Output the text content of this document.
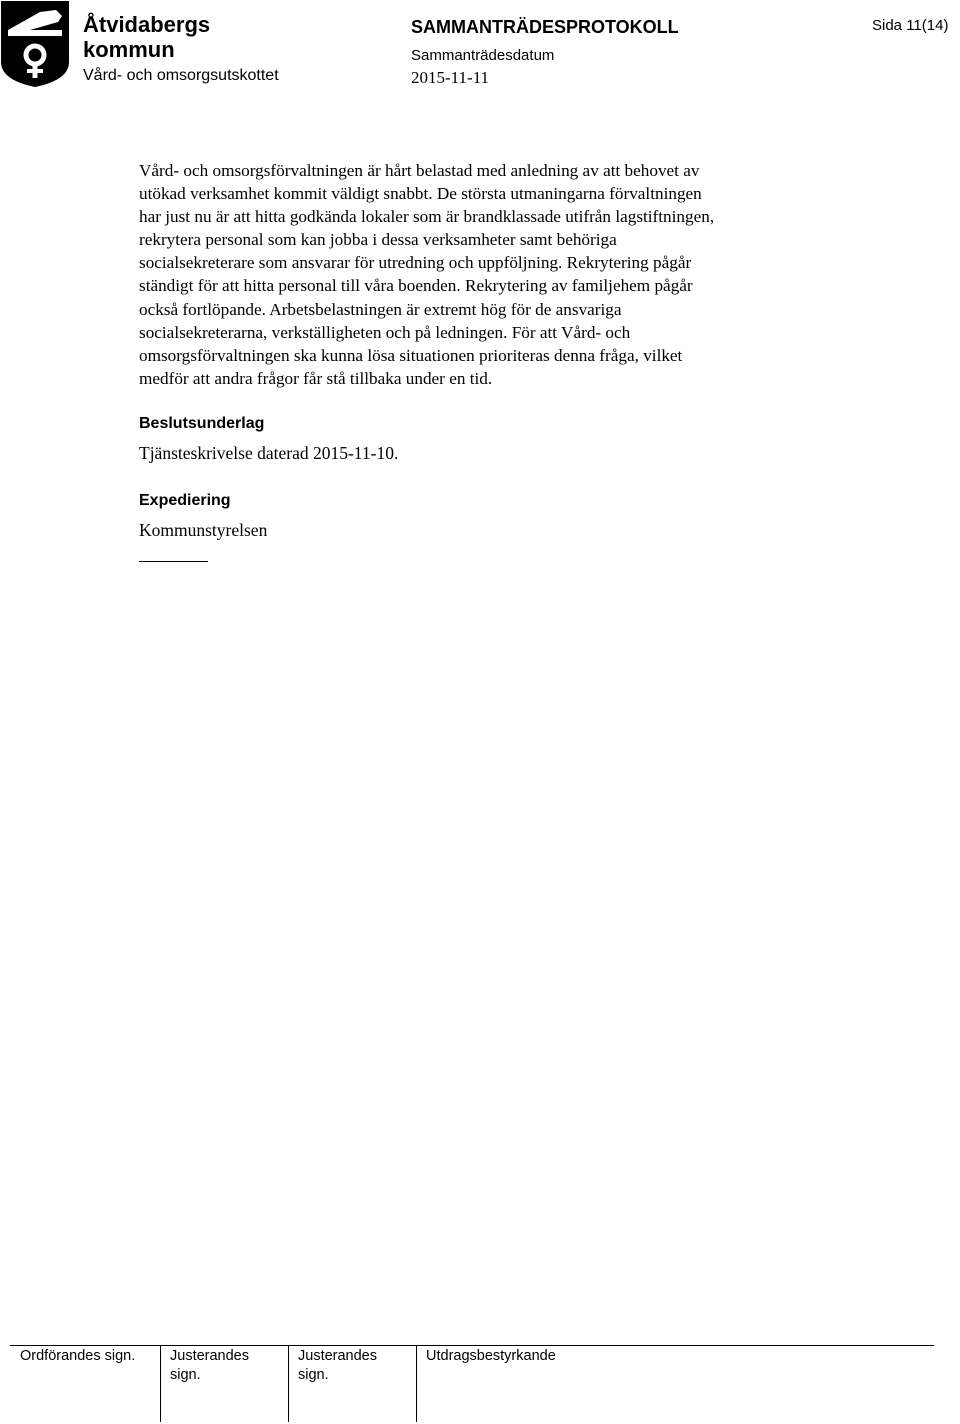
Åtvidabergs
kommun
Vård- och omsorgsutskottet
SAMMANTRÄDESPROTOKOLL
Sammanträdesdatum
2015-11-11
Sida 11(14)
Vård- och omsorgsförvaltningen är hårt belastad med anledning av att behovet av
utökad verksamhet kommit väldigt snabbt. De största utmaningarna förvaltningen
har just nu är att hitta godkända lokaler som är brandklassade utifrån lagstiftningen,
rekrytera personal som kan jobba i dessa verksamheter samt behöriga
socialsekreterare som ansvarar för utredning och uppföljning. Rekrytering pågår
ständigt för att hitta personal till våra boenden. Rekrytering av familjehem pågår
också fortlöpande. Arbetsbelastningen är extremt hög för de ansvariga
socialsekreterarna, verkställigheten och på ledningen. För att Vård- och
omsorgsförvaltningen ska kunna lösa situationen prioriteras denna fråga, vilket
medför att andra frågor får stå tillbaka under en tid.
Beslutsunderlag
Tjänsteskrivelse daterad 2015-11-10.
Expediering
Kommunstyrelsen
Ordförandes sign. Justerandes
sign.
Justerandes
sign.
Utdragsbestyrkande
